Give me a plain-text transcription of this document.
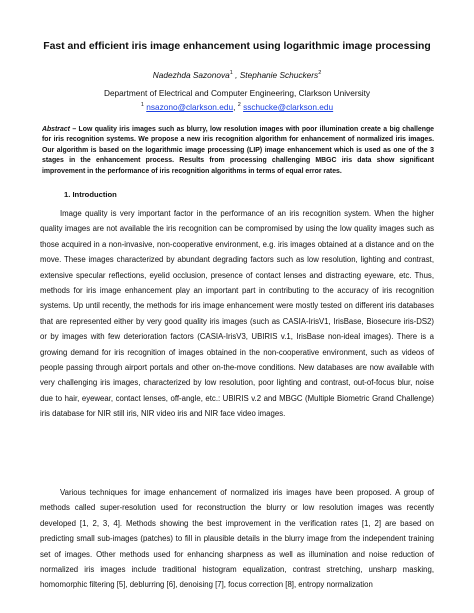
Fast and efficient iris image enhancement using logarithmic image processing
Nadezhda Sazonova$^1$ , Stephanie Schuckers$^2$
Department of Electrical and Computer Engineering, Clarkson University
$^1$ nsazono@clarkson.edu, $^2$ sschucke@clarkson.edu
Abstract – Low quality iris images such as blurry, low resolution images with poor illumination create a big challenge for iris recognition systems. We propose a new iris recognition algorithm for enhancement of normalized iris images. Our algorithm is based on the logarithmic image processing (LIP) image enhancement which is used as one of the 3 stages in the enhancement process. Results from processing challenging MBGC iris data show significant improvement in the performance of iris recognition algorithms in terms of equal error rates.
1. Introduction

Image quality is very important factor in the performance of an iris recognition system. When the higher quality images are not available the iris recognition can be compromised by using the low quality images such as those acquired in a non-invasive, non-cooperative environment, e.g. iris images obtained at a distance and on the move. These images characterized by abundant degrading factors such as low resolution, lighting and contrast, extensive specular reflections, eyelid occlusion, presence of contact lenses and distracting eyeware, etc. Thus, methods for iris image enhancement play an important part in contributing to the accuracy of iris recognition systems. Up until recently, the methods for iris image enhancement were mostly tested on different iris databases that are represented either by very good quality iris images (such as CASIA-IrisV1, IrisBase, Biosecure iris-DS2) or by images with few deterioration factors (CASIA-IrisV3, UBIRIS v.1, IrisBase non-ideal images). There is a growing demand for iris recognition of images obtained in the non-cooperative environment, such as videos of people passing through airport portals and other on-the-move conditions. New databases are now available with very challenging iris images, characterized by low resolution, poor lighting and contrast, out-of-focus blur, noise due to hair, eyewear, contact lenses, off-angle, etc.: UBIRIS v.2 and MBGC (Multiple Biometric Grand Challenge) iris database for NIR still iris, NIR video iris and NIR face video images.

Various techniques for image enhancement of normalized iris images have been proposed. A group of methods called super-resolution used for reconstruction the blurry or low resolution images was recently developed [1, 2, 3, 4]. Methods showing the best improvement in the verification rates [1, 2] are based on predicting small sub-images (patches) to fill in plausible details in the blurry image from the independent training set of images. Other methods used for enhancing sharpness as well as illumination and noise reduction of normalized iris images include traditional histogram equalization, contrast stretching, unsharp masking, homomorphic filtering [5], deblurring [6], denoising [7], focus correction [8], entropy normalization
